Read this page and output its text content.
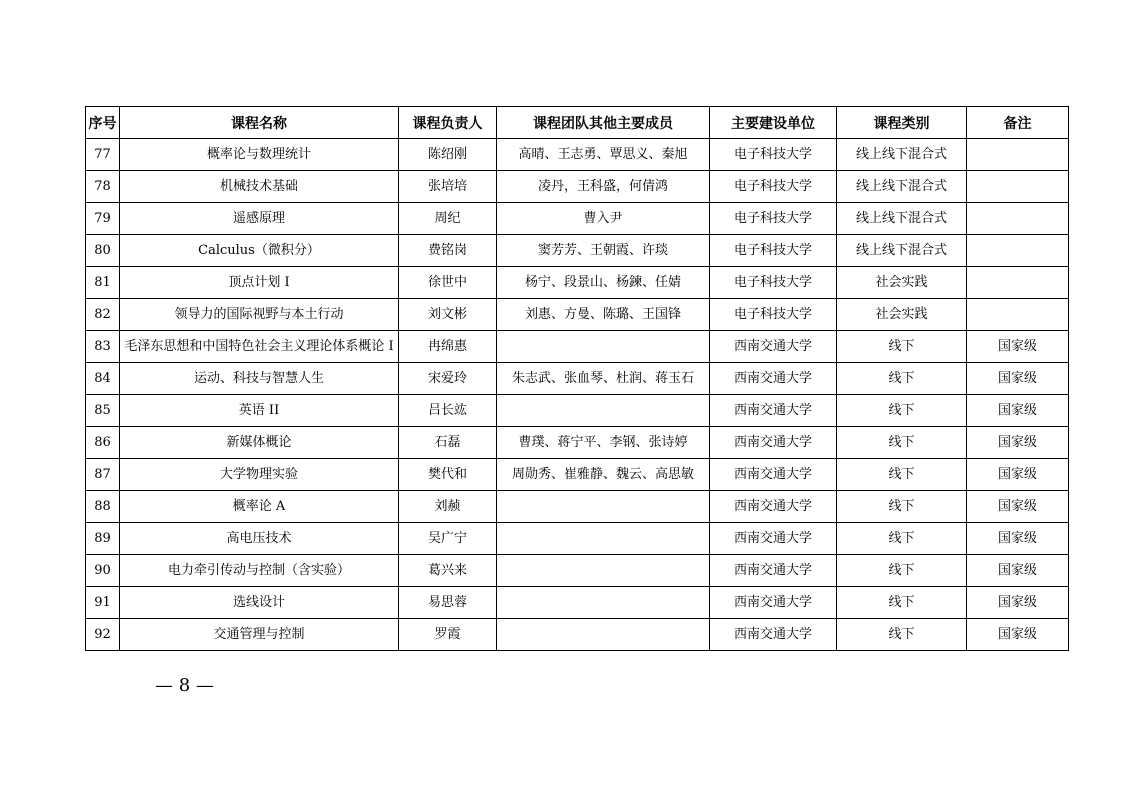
序号	课程名称	课程负责人	课程团队其他主要成员	主要建设单位	课程类别	备注
77	概率论与数理统计	陈绍刚	高晴、王志勇、覃思义、秦旭	电子科技大学	线上线下混合式	
78	机械技术基础	张培培	凌丹，王科盛，何倩鸿	电子科技大学	线上线下混合式	
79	遥感原理	周纪	曹入尹	电子科技大学	线上线下混合式	
80	Calculus（微积分）	费铭岗	窦芳芳、王朝霞、许琰	电子科技大学	线上线下混合式	
81	顶点计划 I	徐世中	杨宁、段景山、杨鍊、任婧	电子科技大学	社会实践	
82	领导力的国际视野与本土行动	刘文彬	刘惠、方曼、陈璐、王国锋	电子科技大学	社会实践	
83	毛泽东思想和中国特色社会主义理论体系概论 I	冉绵惠		西南交通大学	线下	国家级
84	运动、科技与智慧人生	宋爱玲	朱志武、张血琴、杜润、蒋玉石	西南交通大学	线下	国家级
85	英语 II	吕长竑		西南交通大学	线下	国家级
86	新媒体概论	石磊	曹璞、蒋宁平、李钢、张诗婷	西南交通大学	线下	国家级
87	大学物理实验	樊代和	周勋秀、崔雅静、魏云、高思敏	西南交通大学	线下	国家级
88	概率论 A	刘赪		西南交通大学	线下	国家级
89	高电压技术	吴广宁		西南交通大学	线下	国家级
90	电力牵引传动与控制（含实验）	葛兴来		西南交通大学	线下	国家级
91	选线设计	易思蓉		西南交通大学	线下	国家级
92	交通管理与控制	罗霞		西南交通大学	线下	国家级
— 8 —
